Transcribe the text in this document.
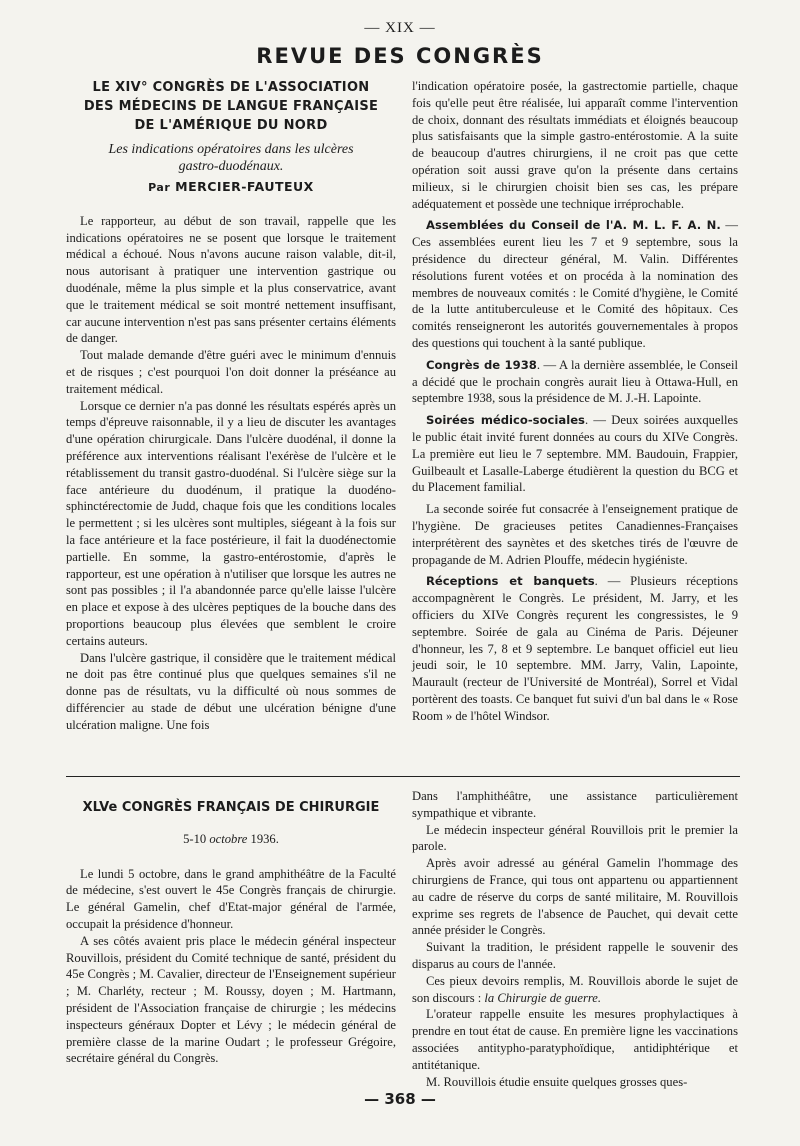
— XIX —
REVUE DES CONGRÈS
LE XIV° CONGRÈS DE L'ASSOCIATION
DES MÉDECINS DE LANGUE FRANÇAISE
DE L'AMÉRIQUE DU NORD
Les indications opératoires dans les ulcères
gastro-duodénaux.
Par MERCIER-FAUTEUX

Le rapporteur, au début de son travail, rappelle que les indications opératoires ne se posent que lorsque le traitement médical a échoué. Nous n'avons aucune raison valable, dit-il, nous autorisant à pratiquer une intervention gastrique ou duodénale, même la plus simple et la plus conservatrice, avant que le traitement médical se soit montré nettement insuffisant, car aucune intervention n'est pas sans présenter certains éléments de danger.

Tout malade demande d'être guéri avec le minimum d'ennuis et de risques ; c'est pourquoi l'on doit donner la préséance au traitement médical.

Lorsque ce dernier n'a pas donné les résultats espérés après un temps d'épreuve raisonnable, il y a lieu de discuter les avantages d'une opération chirurgicale. Dans l'ulcère duodénal, il donne la préférence aux interventions réalisant l'exérèse de l'ulcère et le rétablissement du transit gastro-duodénal. Si l'ulcère siège sur la face antérieure du duodénum, il pratique la duodéno-sphinctérectomie de Judd, chaque fois que les conditions locales le permettent ; si les ulcères sont multiples, siégeant à la fois sur la face antérieure et la face postérieure, il fait la duodénectomie partielle. En somme, la gastro-entérostomie, d'après le rapporteur, est une opération à n'utiliser que lorsque les autres ne sont pas possibles ; il l'a abandonnée parce qu'elle laisse l'ulcère en place et expose à des ulcères peptiques de la bouche dans des proportions beaucoup plus élevées que semblent le croire certains auteurs.

Dans l'ulcère gastrique, il considère que le traitement médical ne doit pas être continué plus que quelques semaines s'il ne donne pas de résultats, vu la difficulté où nous sommes de différencier au stade de début une ulcération bénigne d'une ulcération maligne. Une fois

l'indication opératoire posée, la gastrectomie partielle, chaque fois qu'elle peut être réalisée, lui apparaît comme l'intervention de choix, donnant des résultats immédiats et éloignés beaucoup plus satisfaisants que la simple gastro-entérostomie. A la suite de beaucoup d'autres chirurgiens, il ne croit pas que cette opération soit aussi grave qu'on la présente dans certains milieux, si le chirurgien choisit bien ses cas, les prépare adéquatement et possède une technique irréprochable.

Assemblées du Conseil de l'A. M. L. F. A. N. — Ces assemblées eurent lieu les 7 et 9 septembre, sous la présidence du directeur général, M. Valin. Différentes résolutions furent votées et on procéda à la nomination des membres de nouveaux comités : le Comité d'hygiène, le Comité de la lutte antituberculeuse et le Comité des hôpitaux. Ces comités renseigneront les autorités gouvernementales à propos des questions qui touchent à la santé publique.

Congrès de 1938. — A la dernière assemblée, le Conseil a décidé que le prochain congrès aurait lieu à Ottawa-Hull, en septembre 1938, sous la présidence de M. J.-H. Lapointe.

Soirées médico-sociales. — Deux soirées auxquelles le public était invité furent données au cours du XIVe Congrès. La première eut lieu le 7 septembre. MM. Baudouin, Frappier, Guilbeault et Lasalle-Laberge étudièrent la question du BCG et du Placement familial.

La seconde soirée fut consacrée à l'enseignement pratique de l'hygiène. De gracieuses petites Canadiennes-Françaises interprétèrent des saynètes et des sketches tirés de l'œuvre de propagande de M. Adrien Plouffe, médecin hygiéniste.

Réceptions et banquets. — Plusieurs réceptions accompagnèrent le Congrès. Le président, M. Jarry, et les officiers du XIVe Congrès reçurent les congressistes, le 9 septembre. Soirée de gala au Cinéma de Paris. Déjeuner d'honneur, les 7, 8 et 9 septembre. Le banquet officiel eut lieu jeudi soir, le 10 septembre. MM. Jarry, Valin, Lapointe, Maurault (recteur de l'Université de Montréal), Sorrel et Vidal portèrent des toasts. Ce banquet fut suivi d'un bal dans le « Rose Room » de l'hôtel Windsor.

XLVe CONGRÈS FRANÇAIS DE CHIRURGIE
5-10 octobre 1936.

Le lundi 5 octobre, dans le grand amphithéâtre de la Faculté de médecine, s'est ouvert le 45e Congrès français de chirurgie. Le général Gamelin, chef d'Etat-major général de l'armée, occupait la présidence d'honneur.

A ses côtés avaient pris place le médecin général inspecteur Rouvillois, président du Comité technique de santé, président du 45e Congrès ; M. Cavalier, directeur de l'Enseignement supérieur ; M. Charléty, recteur ; M. Roussy, doyen ; M. Hartmann, président de l'Association française de chirurgie ; les médecins inspecteurs généraux Dopter et Lévy ; le médecin général de première classe de la marine Oudart ; le professeur Grégoire, secrétaire général du Congrès.

Dans l'amphithéâtre, une assistance particulièrement sympathique et vibrante.

Le médecin inspecteur général Rouvillois prit le premier la parole.

Après avoir adressé au général Gamelin l'hommage des chirurgiens de France, qui tous ont appartenu ou appartiennent au cadre de réserve du corps de santé militaire, M. Rouvillois exprime ses regrets de l'absence de Pauchet, qui devait cette année présider le Congrès.

Suivant la tradition, le président rappelle le souvenir des disparus au cours de l'année.

Ces pieux devoirs remplis, M. Rouvillois aborde le sujet de son discours : la Chirurgie de guerre.

L'orateur rappelle ensuite les mesures prophylactiques à prendre en tout état de cause. En première ligne les vaccinations associées antitypho-paratyphoïdique, antidiphtérique et antitétanique.

M. Rouvillois étudie ensuite quelques grosses ques-

— 368 —
